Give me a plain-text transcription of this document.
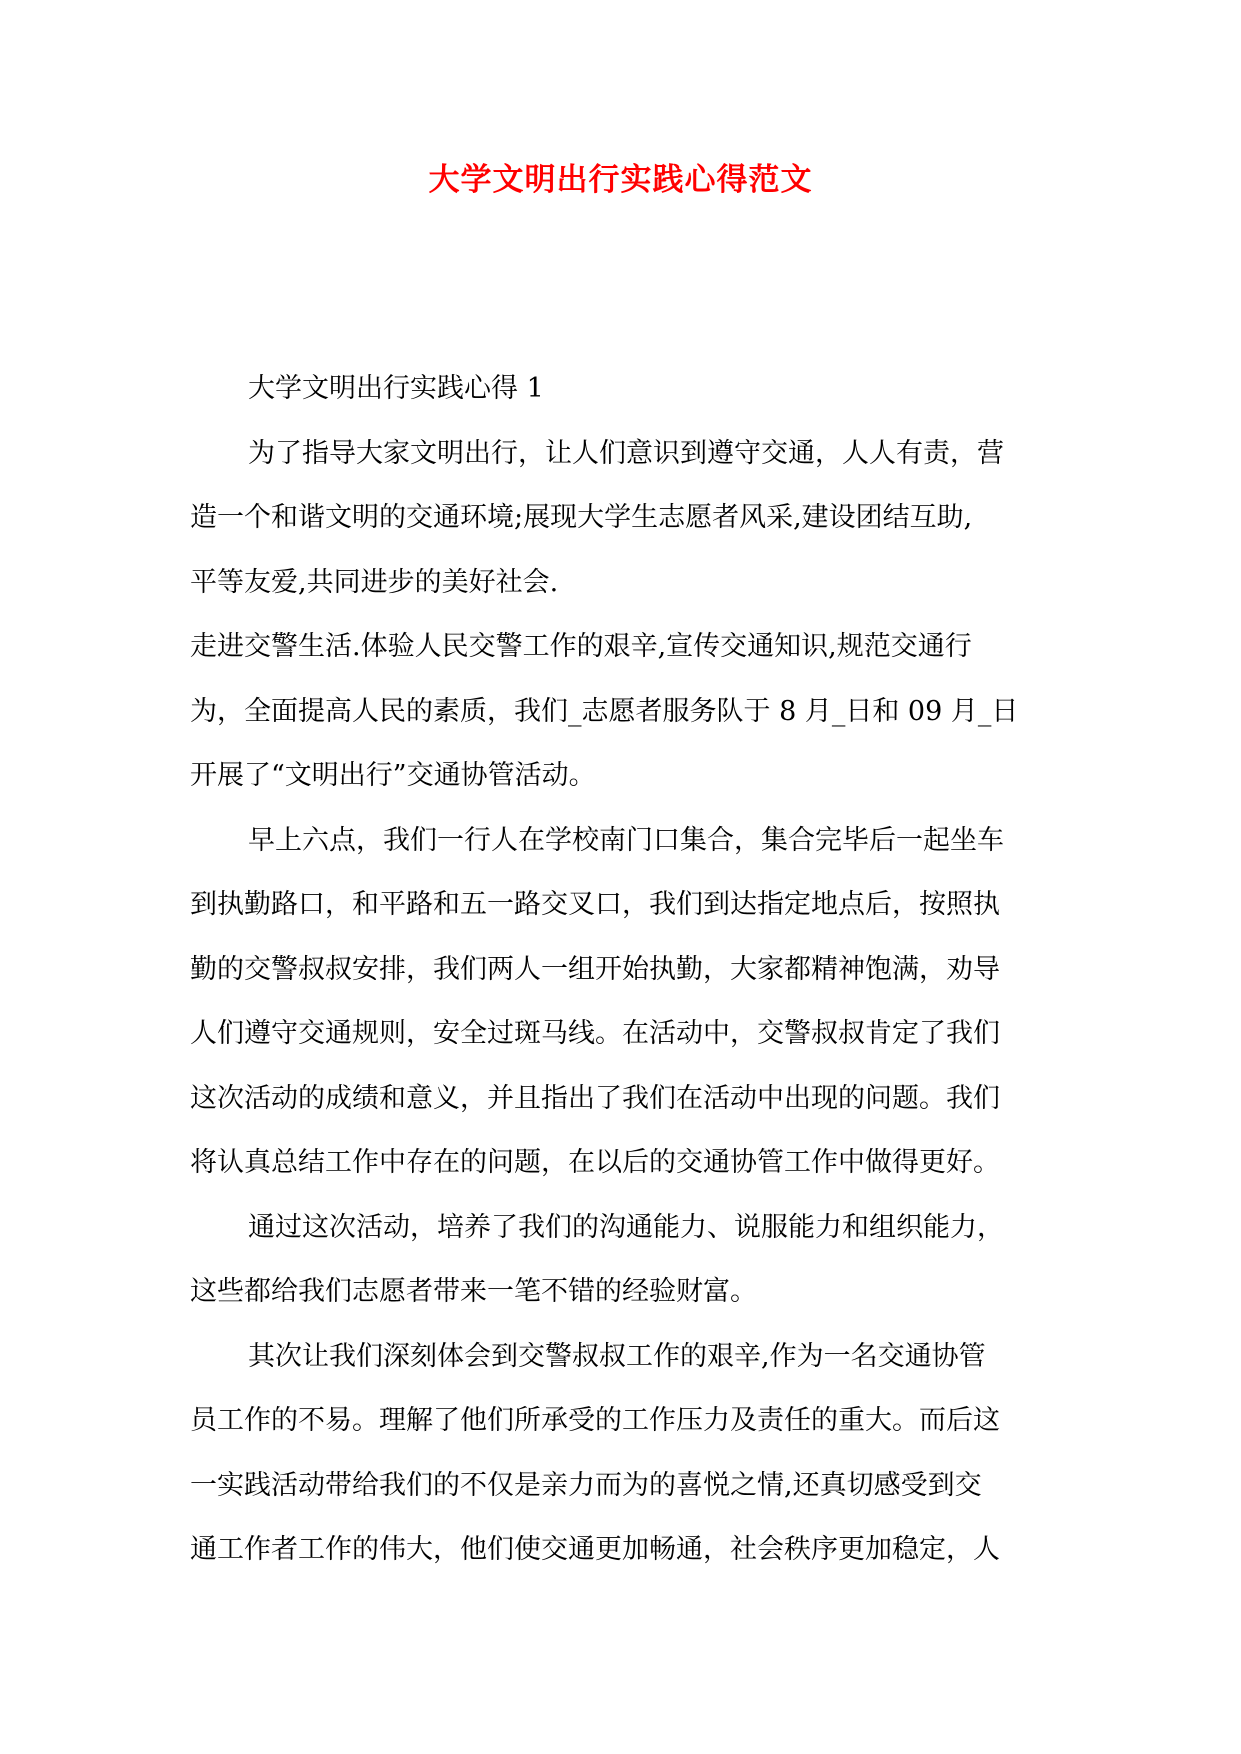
大学文明出行实践心得范文
大学文明出行实践心得 1
为了指导大家文明出行，让人们意识到遵守交通，人人有责，营
造一个和谐文明的交通环境;展现大学生志愿者风采,建设团结互助,
平等友爱,共同进步的美好社会.
走进交警生活.体验人民交警工作的艰辛,宣传交通知识,规范交通行
为，全面提高人民的素质，我们_志愿者服务队于 8 月_日和 09 月_日
开展了“文明出行”交通协管活动。
早上六点，我们一行人在学校南门口集合，集合完毕后一起坐车
到执勤路口，和平路和五一路交叉口，我们到达指定地点后，按照执
勤的交警叔叔安排，我们两人一组开始执勤，大家都精神饱满，劝导
人们遵守交通规则，安全过斑马线。在活动中，交警叔叔肯定了我们
这次活动的成绩和意义，并且指出了我们在活动中出现的问题。我们
将认真总结工作中存在的问题，在以后的交通协管工作中做得更好。
通过这次活动，培养了我们的沟通能力、说服能力和组织能力，
这些都给我们志愿者带来一笔不错的经验财富。
其次让我们深刻体会到交警叔叔工作的艰辛,作为一名交通协管
员工作的不易。理解了他们所承受的工作压力及责任的重大。而后这
一实践活动带给我们的不仅是亲力而为的喜悦之情,还真切感受到交
通工作者工作的伟大，他们使交通更加畅通，社会秩序更加稳定，人
